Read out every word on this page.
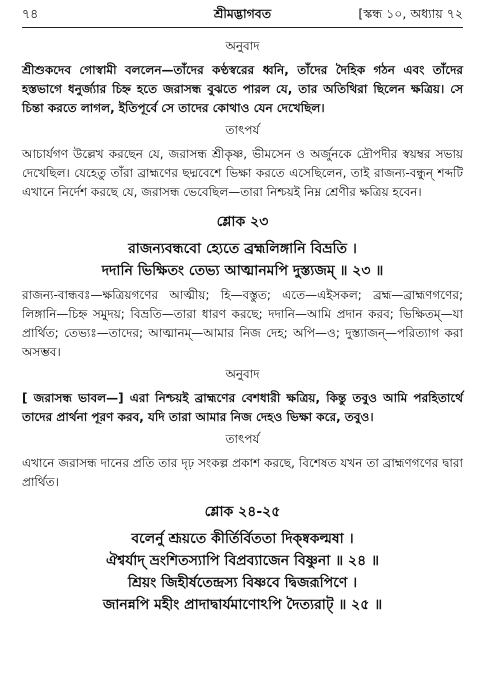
৭৪	শ্রীমদ্ভাগবত	[স্কন্ধ ১০, অধ্যায় ৭২
অনুবাদ

শ্রীশুকদেব গোস্বামী বললেন—তাঁদের কণ্ঠস্বরের ধ্বনি, তাঁদের দৈহিক গঠন এবং তাঁদের হস্তভাগে ধনুর্জ্যার চিহ্ন হতে জরাসন্ধ বুঝতে পারল যে, তার অতিথিরা ছিলেন ক্ষত্রিয়। সে চিন্তা করতে লাগল, ইতিপূর্বে সে তাদের কোথাও যেন দেখেছিল।

তাৎপর্য

আচার্যগণ উল্লেখ করছেন যে, জরাসন্ধ শ্রীকৃষ্ণ, ভীমসেন ও অর্জুনকে দ্রৌপদীর স্বয়ম্বর সভায় দেখেছিল। যেহেতু তাঁরা ব্রাহ্মণের ছদ্মবেশে ভিক্ষা করতে এসেছিলেন, তাই রাজন্য-বন্ধুন্ শব্দটি এখানে নির্দেশ করছে যে, জরাসন্ধ ভেবেছিল—তারা নিশ্চয়ই নিম্ন শ্রেণীর ক্ষত্রিয় হবেন।

শ্লোক ২৩
রাজন্যবন্ধবো হ্যেতে ব্রহ্মলিঙ্গানি বিভ্রতি ।
দদানি ভিক্ষিতং তেভ্য আত্মানমপি দুস্ত্যজম্ ॥ ২৩ ॥

রাজন্য-বান্ধবঃ—ক্ষত্রিয়গণের আত্মীয়; হি—বস্তুত; এতে—এইসকল; ব্রহ্ম—ব্রাহ্মণগণের; লিঙ্গানি—চিহ্ন সমুদয়; বিভ্রতি—তারা ধারণ করছে; দদানি—আমি প্রদান করব; ভিক্ষিতম্—যা প্রার্থিত; তেভ্যঃ—তাদের; আত্মানম্—আমার নিজ দেহ; অপি—ও; দুস্ত্যাজন্—পরিত্যাগ করা অসম্ভব।

অনুবাদ

[ জরাসন্ধ ভাবল—] এরা নিশ্চয়ই ব্রাহ্মণের বেশধারী ক্ষত্রিয়, কিন্তু তবুও আমি পরহিতার্থে তাদের প্রার্থনা পূরণ করব, যদি তারা আমার নিজ দেহও ভিক্ষা করে, তবুও।

তাৎপর্য

এখানে জরাসন্ধ দানের প্রতি তার দৃঢ় সংকল্প প্রকাশ করছে, বিশেষত যখন তা ব্রাহ্মণগণের দ্বারা প্রার্থিত।

শ্লোক ২৪-২৫
বলের্নু শ্রূয়তে কীর্তির্বিততা দিক্ষ্বকল্মষা ।
ঐশ্বর্যাদ্ ভ্রংশিতস্যাপি বিপ্রব্যাজেন বিষ্ণুনা ॥ ২৪ ॥
শ্রিয়ং জিহীর্ষতেন্দ্রস্য বিষ্ণবে দ্বিজরূপিণে ।
জানন্নপি মহীং প্রাদাদ্বার্যমাণোঽপি দৈত্যরাট্ ॥ ২৫ ॥
